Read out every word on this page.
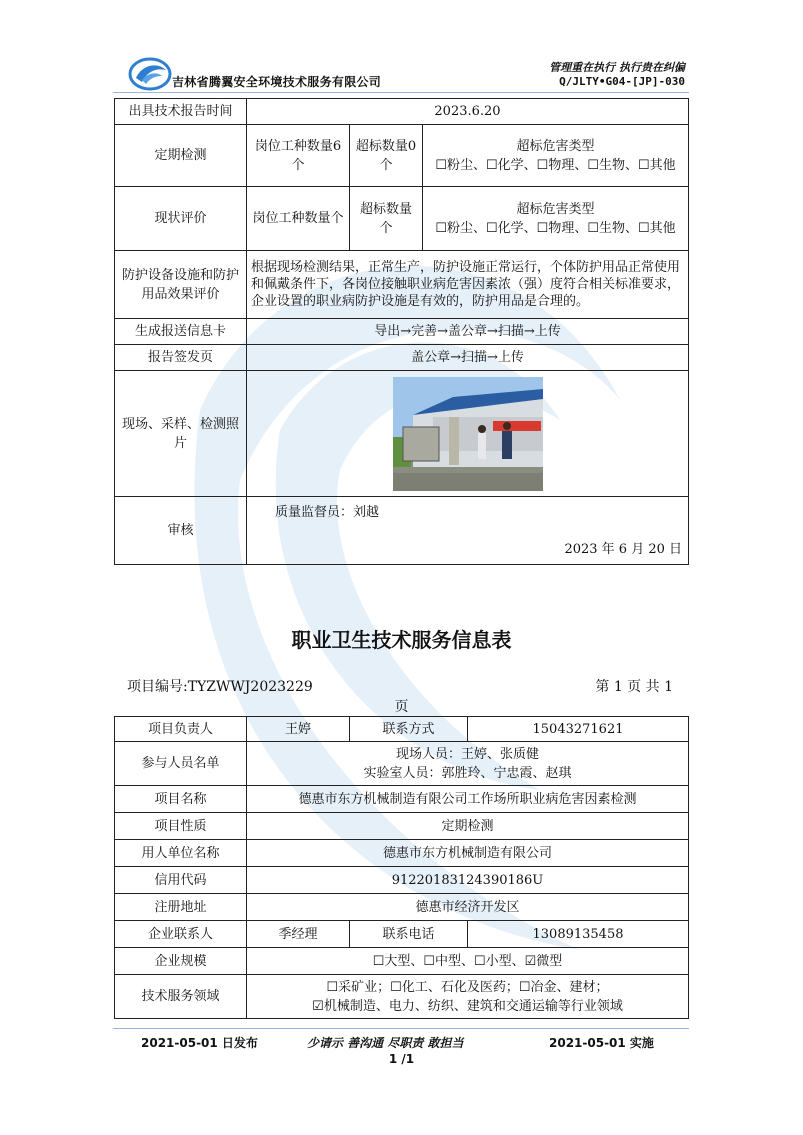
吉林省腾翼安全环境技术服务有限公司
管理重在执行 执行贵在纠偏
Q/JLTY•G04-[JP]-030
出具技术报告时间	2023.6.20		
定期检测	岗位工种数量6个	超标数量0个	超标危害类型
☐粉尘、☐化学、☐物理、☐生物、☐其他

现状评价	岗位工种数量个	超标数量个	超标危害类型
☐粉尘、☐化学、☐物理、☐生物、☐其他

防护设备设施和防护用品效果评价	根据现场检测结果，正常生产，防护设施正常运行，个体防护用品正常使用和佩戴条件下，各岗位接触职业病危害因素浓（强）度符合相关标准要求，企业设置的职业病防护设施是有效的，防护用品是合理的。		
生成报送信息卡	导出→完善→盖公章→扫描→上传		
报告签发页	盖公章→扫描→上传		
现场、采样、检测照片	

审核	质量监督员：刘越
2023 年 6 月 20 日		
职业卫生技术服务信息表
项目编号:TYZWWJ2023229	第 1 页 共 1
页
项目负责人	王婷	联系方式	15043271621
参与人员名单	现场人员：王婷、张质健
实验室人员：郭胜玲、宁忠霞、赵琪		

项目名称	德惠市东方机械制造有限公司工作场所职业病危害因素检测		
项目性质	定期检测		
用人单位名称	德惠市东方机械制造有限公司		
信用代码	91220183124390186U		
注册地址	德惠市经济开发区		
企业联系人	季经理	联系电话	13089135458
企业规模	☐大型、☐中型、☐小型、☑微型		
技术服务领域	☐采矿业；☐化工、石化及医药；☐冶金、建材；
☑机械制造、电力、纺织、建筑和交通运输等行业领域		
2021-05-01 日发布	少请示 善沟通 尽职责 敢担当	2021-05-01 实施
1 /1
